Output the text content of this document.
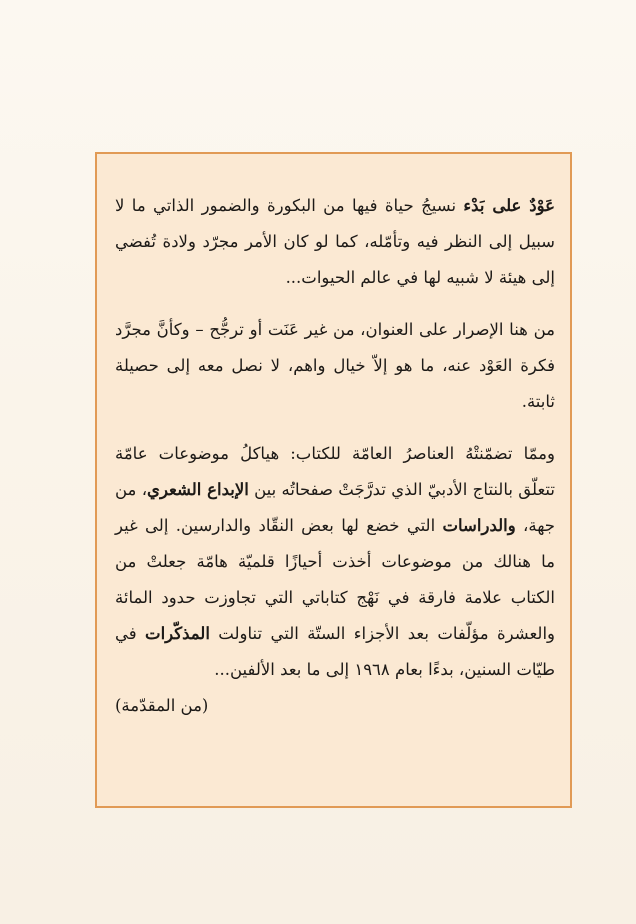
عَوْدٌ على بَدْء نسيجُ حياة فيها من البكورة والضمور الذاتي ما لا سبيل إلى النظر فيه وتأمّله، كما لو كان الأمر مجرّد ولادة تُفضي إلى هيئة لا شبيه لها في عالم الحيوات...

من هنا الإصرار على العنوان، من غير عَنَت أو ترجُّح – وكأنَّ مجرَّد فكرة العَوْد عنه، ما هو إلاّ خيال واهم، لا نصل معه إلى حصيلة ثابتة.

وممّا تضمّنتْهُ العناصرُ العامّة للكتاب: هياكلُ موضوعات عامّة تتعلّق بالنتاج الأدبيّ الذي تدرَّجَتْ صفحاتُه بين الإبداع الشعري، من جهة، والدراسات التي خضع لها بعض النقّاد والدارسين. إلى غير ما هنالك من موضوعات أخذت أحيازًا قلميّة هامّة جعلتْ من الكتاب علامة فارقة في نَهْج كتاباتي التي تجاوزت حدود المائة والعشرة مؤلّفات بعد الأجزاء الستّة التي تناولت المذكّرات في طيّات السنين، بدءًا بعام ١٩٦٨ إلى ما بعد الألفين...

(من المقدّمة)
